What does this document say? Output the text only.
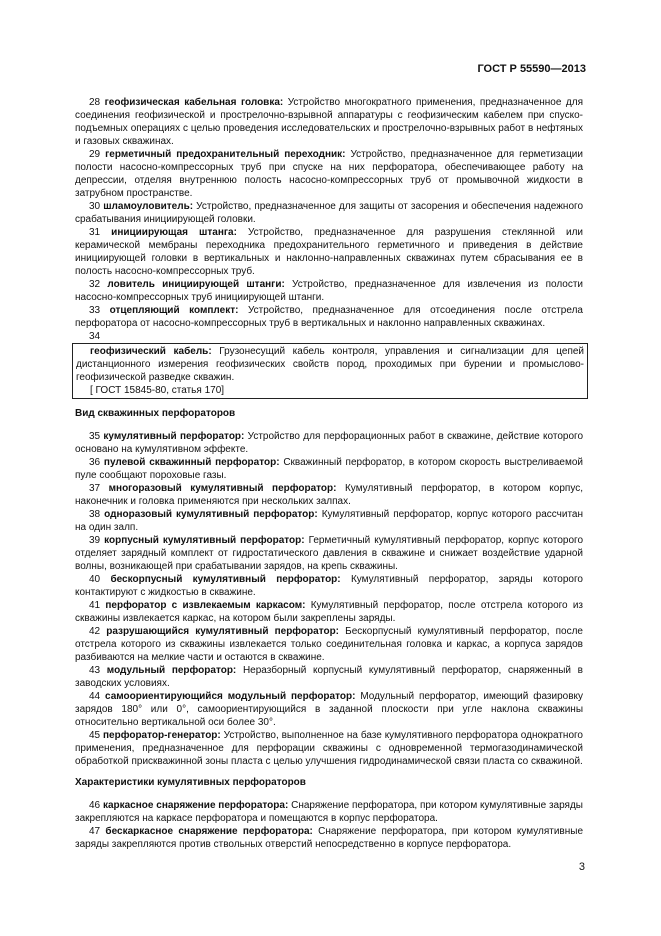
ГОСТ Р 55590—2013

28 геофизическая кабельная головка: Устройство многократного применения, предназначенное для соединения геофизической и прострелочно-взрывной аппаратуры с геофизическим кабелем при спуско-подъемных операциях с целью проведения исследовательских и прострелочно-взрывных работ в нефтяных и газовых скважинах.

29 герметичный предохранительный переходник: Устройство, предназначенное для герметизации полости насосно-компрессорных труб при спуске на них перфоратора, обеспечивающее работу на депрессии, отделяя внутреннюю полость насосно-компрессорных труб от промывочной жидкости в затрубном пространстве.

30 шламоуловитель: Устройство, предназначенное для защиты от засорения и обеспечения надежного срабатывания инициирующей головки.

31 инициирующая штанга: Устройство, предназначенное для разрушения стеклянной или керамической мембраны переходника предохранительного герметичного и приведения в действие инициирующей головки в вертикальных и наклонно-направленных скважинах путем сбрасывания ее в полость насосно-компрессорных труб.

32 ловитель инициирующей штанги: Устройство, предназначенное для извлечения из полости насосно-компрессорных труб инициирующей штанги.

33 отцепляющий комплект: Устройство, предназначенное для отсоединения после отстрела перфоратора от насосно-компрессорных труб в вертикальных и наклонно направленных скважинах.

34

геофизический кабель: Грузонесущий кабель контроля, управления и сигнализации для цепей дистанционного измерения геофизических свойств пород, проходимых при бурении и промыслово-геофизической разведке скважин.

[ ГОСТ 15845-80, статья 170]

Вид скважинных перфораторов

35 кумулятивный перфоратор: Устройство для перфорационных работ в скважине, действие которого основано на кумулятивном эффекте.

36 пулевой скважинный перфоратор: Скважинный перфоратор, в котором скорость выстреливаемой пуле сообщают пороховые газы.

37 многоразовый кумулятивный перфоратор: Кумулятивный перфоратор, в котором корпус, наконечник и головка применяются при нескольких залпах.

38 одноразовый кумулятивный перфоратор: Кумулятивный перфоратор, корпус которого рассчитан на один залп.

39 корпусный кумулятивный перфоратор: Герметичный кумулятивный перфоратор, корпус которого отделяет зарядный комплект от гидростатического давления в скважине и снижает воздействие ударной волны, возникающей при срабатывании зарядов, на крепь скважины.

40 бескорпусный кумулятивный перфоратор: Кумулятивный перфоратор, заряды которого контактируют с жидкостью в скважине.

41 перфоратор с извлекаемым каркасом: Кумулятивный перфоратор, после отстрела которого из скважины извлекается каркас, на котором были закреплены заряды.

42 разрушающийся кумулятивный перфоратор: Бескорпусный кумулятивный перфоратор, после отстрела которого из скважины извлекается только соединительная головка и каркас, а корпуса зарядов разбиваются на мелкие части и остаются в скважине.

43 модульный перфоратор: Неразборный корпусный кумулятивный перфоратор, снаряженный в заводских условиях.

44 самоориентирующийся модульный перфоратор: Модульный перфоратор, имеющий фазировку зарядов 180° или 0°, самоориентирующийся в заданной плоскости при угле наклона скважины относительно вертикальной оси более 30°.

45 перфоратор-генератор: Устройство, выполненное на базе кумулятивного перфоратора однократного применения, предназначенное для перфорации скважины с одновременной термогазодинамической обработкой прискважинной зоны пласта с целью улучшения гидродинамической связи пласта со скважиной.

Характеристики кумулятивных перфораторов

46 каркасное снаряжение перфоратора: Снаряжение перфоратора, при котором кумулятивные заряды закрепляются на каркасе перфоратора и помещаются в корпус перфоратора.

47 бескаркасное снаряжение перфоратора: Снаряжение перфоратора, при котором кумулятивные заряды закрепляются против ствольных отверстий непосредственно в корпусе перфоратора.

3
